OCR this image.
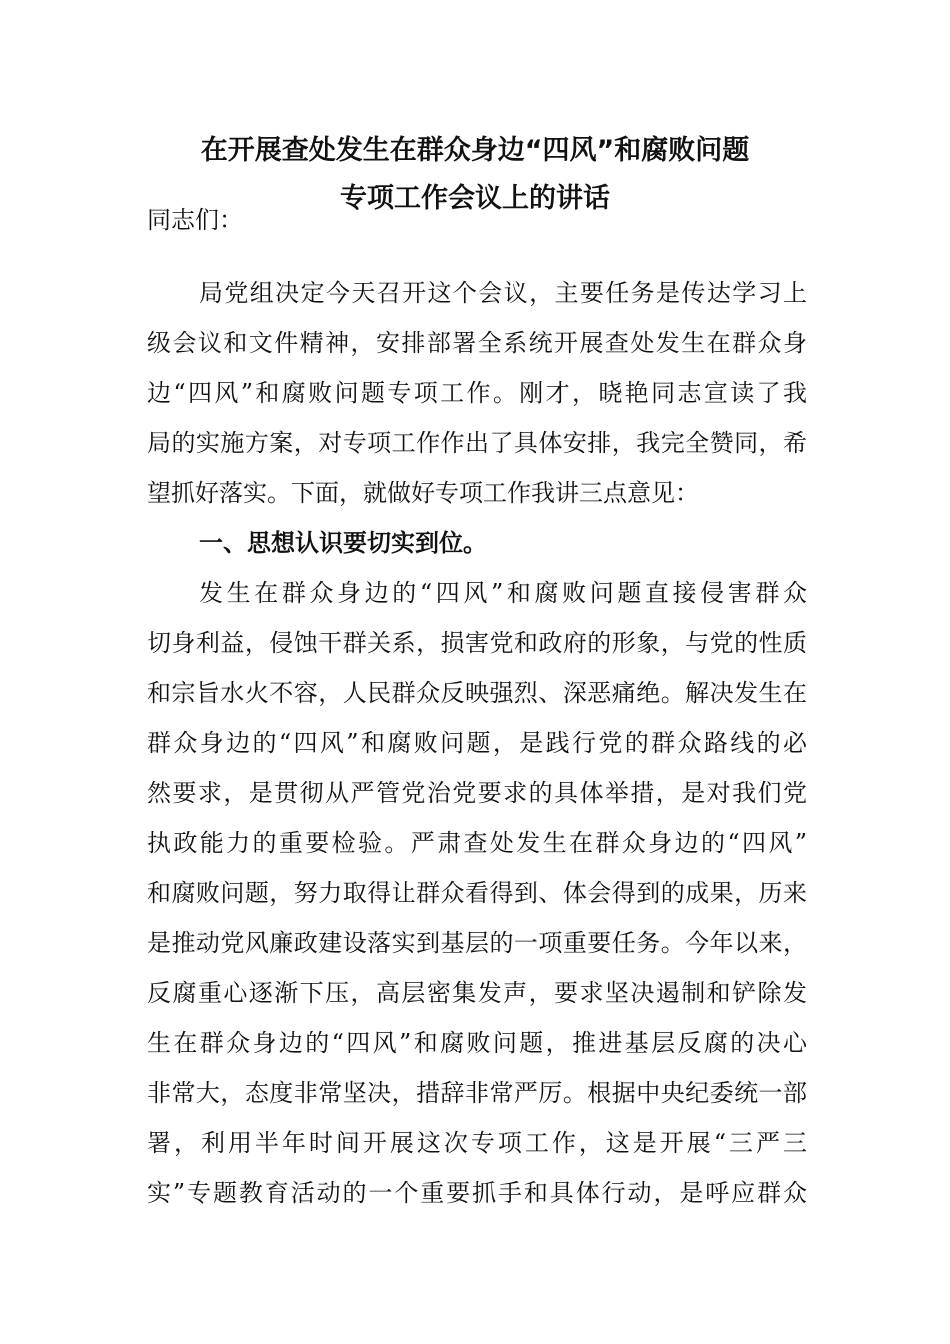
在开展查处发生在群众身边“四风”和腐败问题
专项工作会议上的讲话
同志们：
局党组决定今天召开这个会议，主要任务是传达学习上
级会议和文件精神，安排部署全系统开展查处发生在群众身
边“四风”和腐败问题专项工作。刚才，晓艳同志宣读了我
局的实施方案，对专项工作作出了具体安排，我完全赞同，希
望抓好落实。下面，就做好专项工作我讲三点意见：
一、思想认识要切实到位。
发生在群众身边的“四风”和腐败问题直接侵害群众
切身利益，侵蚀干群关系，损害党和政府的形象，与党的性质
和宗旨水火不容，人民群众反映强烈、深恶痛绝。解决发生在
群众身边的“四风”和腐败问题，是践行党的群众路线的必
然要求，是贯彻从严管党治党要求的具体举措，是对我们党
执政能力的重要检验。严肃查处发生在群众身边的“四风”
和腐败问题，努力取得让群众看得到、体会得到的成果，历来
是推动党风廉政建设落实到基层的一项重要任务。今年以来，
反腐重心逐渐下压，高层密集发声，要求坚决遏制和铲除发
生在群众身边的“四风”和腐败问题，推进基层反腐的决心
非常大，态度非常坚决，措辞非常严厉。根据中央纪委统一部
署，利用半年时间开展这次专项工作，这是开展“三严三
实”专题教育活动的一个重要抓手和具体行动，是呼应群众
